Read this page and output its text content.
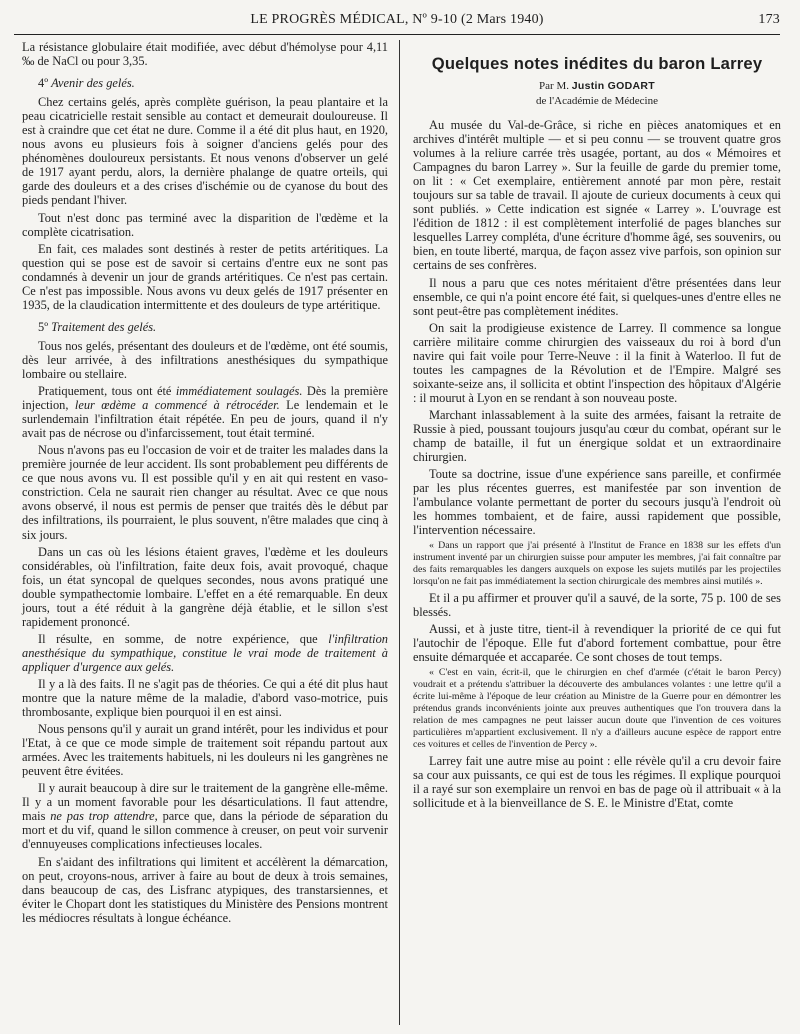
LE PROGRÈS MÉDICAL, Nº 9-10 (2 Mars 1940)	173

La résistance globulaire était modifiée, avec début d'hémolyse pour 4,11 ‰ de NaCl ou pour 3,35.

4º Avenir des gelés.

Chez certains gelés, après complète guérison, la peau plantaire et la peau cicatricielle restait sensible au contact et demeurait douloureuse. Il est à craindre que cet état ne dure. Comme il a été dit plus haut, en 1920, nous avons eu plusieurs fois à soigner d'anciens gelés pour des phénomènes douloureux persistants. Et nous venons d'observer un gelé de 1917 ayant perdu, alors, la dernière phalange de quatre orteils, qui garde des douleurs et a des crises d'ischémie ou de cyanose du bout des pieds pendant l'hiver.

Tout n'est donc pas terminé avec la disparition de l'œdème et la complète cicatrisation.

En fait, ces malades sont destinés à rester de petits artéritiques. La question qui se pose est de savoir si certains d'entre eux ne sont pas condamnés à devenir un jour de grands artéritiques. Ce n'est pas certain. Ce n'est pas impossible. Nous avons vu deux gelés de 1917 présenter en 1935, de la claudication intermittente et des douleurs de type artéritique.

5º Traitement des gelés.

Tous nos gelés, présentant des douleurs et de l'œdème, ont été soumis, dès leur arrivée, à des infiltrations anesthésiques du sympathique lombaire ou stellaire.

Pratiquement, tous ont été immédiatement soulagés. Dès la première injection, leur œdème a commencé à rétrocéder. Le lendemain et le surlendemain l'infiltration était répétée. En peu de jours, quand il n'y avait pas de nécrose ou d'infarcissement, tout était terminé.

Nous n'avons pas eu l'occasion de voir et de traiter les malades dans la première journée de leur accident. Ils sont probablement peu différents de ce que nous avons vu. Il est possible qu'il y en ait qui restent en vaso-constriction. Cela ne saurait rien changer au résultat. Avec ce que nous avons observé, il nous est permis de penser que traités dès le début par des infiltrations, ils pourraient, le plus souvent, n'être malades que cinq à six jours.

Dans un cas où les lésions étaient graves, l'œdème et les douleurs considérables, où l'infiltration, faite deux fois, avait provoqué, chaque fois, un état syncopal de quelques secondes, nous avons pratiqué une double sympathectomie lombaire. L'effet en a été remarquable. En deux jours, tout a été réduit à la gangrène déjà établie, et le sillon s'est rapidement prononcé.

Il résulte, en somme, de notre expérience, que l'infiltration anesthésique du sympathique, constitue le vrai mode de traitement à appliquer d'urgence aux gelés.

Il y a là des faits. Il ne s'agit pas de théories. Ce qui a été dit plus haut montre que la nature même de la maladie, d'abord vaso-motrice, puis thrombosante, explique bien pourquoi il en est ainsi.

Nous pensons qu'il y aurait un grand intérêt, pour les individus et pour l'Etat, à ce que ce mode simple de traitement soit répandu partout aux armées. Avec les traitements habituels, ni les douleurs ni les gangrènes ne peuvent être évitées.

Il y aurait beaucoup à dire sur le traitement de la gangrène elle-même. Il y a un moment favorable pour les désarticulations. Il faut attendre, mais ne pas trop attendre, parce que, dans la période de séparation du mort et du vif, quand le sillon commence à creuser, on peut voir survenir d'ennuyeuses complications infectieuses locales.

En s'aidant des infiltrations qui limitent et accélèrent la démarcation, on peut, croyons-nous, arriver à faire au bout de deux à trois semaines, dans beaucoup de cas, des Lisfranc atypiques, des transtarsiennes, et éviter le Chopart dont les statistiques du Ministère des Pensions montrent les médiocres résultats à longue échéance.

Quelques notes inédites du baron Larrey
Par M. Justin GODART
de l'Académie de Médecine

Au musée du Val-de-Grâce, si riche en pièces anatomiques et en archives d'intérêt multiple — et si peu connu — se trouvent quatre gros volumes à la reliure carrée très usagée, portant, au dos « Mémoires et Campagnes du baron Larrey ». Sur la feuille de garde du premier tome, on lit : « Cet exemplaire, entièrement annoté par mon père, restait toujours sur sa table de travail. Il ajoute de curieux documents à ceux qui sont publiés. » Cette indication est signée « Larrey ». L'ouvrage est l'édition de 1812 : il est complètement interfolié de pages blanches sur lesquelles Larrey compléta, d'une écriture d'homme âgé, ses souvenirs, ou bien, en toute liberté, marqua, de façon assez vive parfois, son opinion sur certains de ses confrères.

Il nous a paru que ces notes méritaient d'être présentées dans leur ensemble, ce qui n'a point encore été fait, si quelques-unes d'entre elles ne sont peut-être pas complètement inédites.

On sait la prodigieuse existence de Larrey. Il commence sa longue carrière militaire comme chirurgien des vaisseaux du roi à bord d'un navire qui fait voile pour Terre-Neuve : il la finit à Waterloo. Il fut de toutes les campagnes de la Révolution et de l'Empire. Malgré ses soixante-seize ans, il sollicita et obtint l'inspection des hôpitaux d'Algérie : il mourut à Lyon en se rendant à son nouveau poste.

Marchant inlassablement à la suite des armées, faisant la retraite de Russie à pied, poussant toujours jusqu'au cœur du combat, opérant sur le champ de bataille, il fut un énergique soldat et un extraordinaire chirurgien.

Toute sa doctrine, issue d'une expérience sans pareille, et confirmée par les plus récentes guerres, est manifestée par son invention de l'ambulance volante permettant de porter du secours jusqu'à l'endroit où les hommes tombaient, et de faire, aussi rapidement que possible, l'intervention nécessaire.

« Dans un rapport que j'ai présenté à l'Institut de France en 1838 sur les effets d'un instrument inventé par un chirurgien suisse pour amputer les membres, j'ai fait connaître par des faits remarquables les dangers auxquels on expose les sujets mutilés par les projectiles lorsqu'on ne fait pas immédiatement la section chirurgicale des membres ainsi mutilés ».

Et il a pu affirmer et prouver qu'il a sauvé, de la sorte, 75 p. 100 de ses blessés.

Aussi, et à juste titre, tient-il à revendiquer la priorité de ce qui fut l'autochir de l'époque. Elle fut d'abord fortement combattue, pour être ensuite démarquée et accaparée. Ce sont choses de tout temps.

« C'est en vain, écrit-il, que le chirurgien en chef d'armée (c'était le baron Percy) voudrait et a prétendu s'attribuer la découverte des ambulances volantes : une lettre qu'il a écrite lui-même à l'époque de leur création au Ministre de la Guerre pour en démontrer les prétendus grands inconvénients jointe aux preuves authentiques que l'on trouvera dans la relation de mes campagnes ne peut laisser aucun doute que l'invention de ces voitures particulières m'appartient exclusivement. Il n'y a d'ailleurs aucune espèce de rapport entre ces voitures et celles de l'invention de Percy ».

Larrey fait une autre mise au point : elle révèle qu'il a cru devoir faire sa cour aux puissants, ce qui est de tous les régimes. Il explique pourquoi il a rayé sur son exemplaire un renvoi en bas de page où il attribuait « à la sollicitude et à la bienveillance de S. E. le Ministre d'Etat, comte
